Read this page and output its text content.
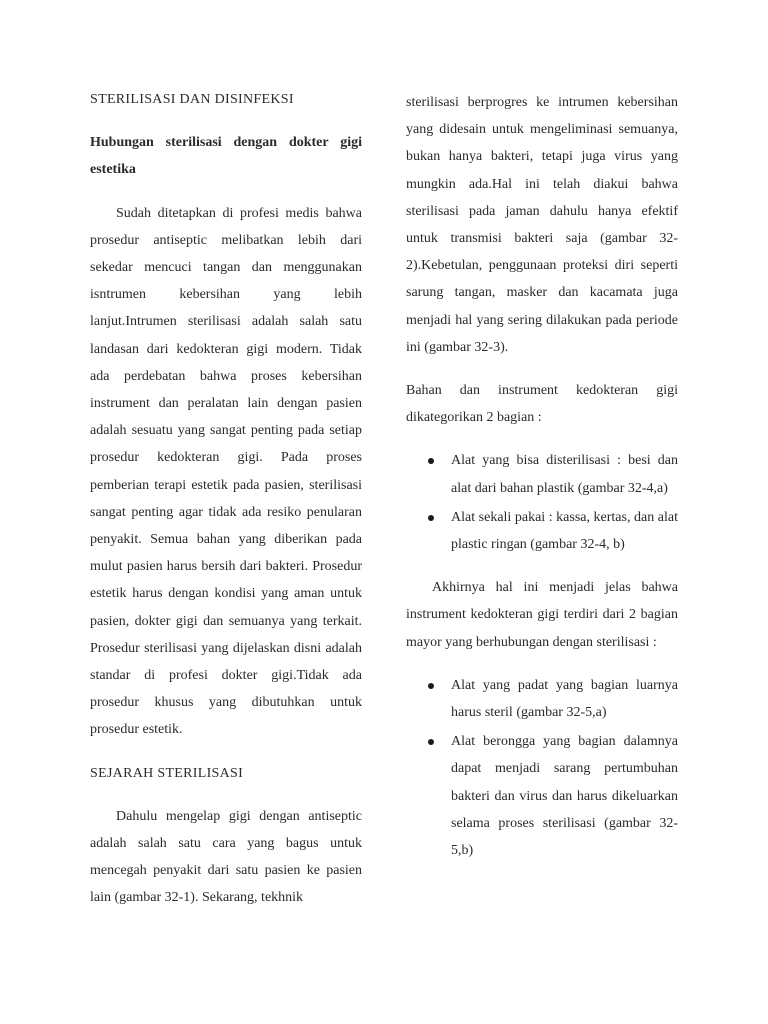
STERILISASI DAN DISINFEKSI

Hubungan sterilisasi dengan dokter gigi estetika

Sudah ditetapkan di profesi medis bahwa prosedur antiseptic melibatkan lebih dari sekedar mencuci tangan dan menggunakan isntrumen kebersihan yang lebih lanjut.Intrumen sterilisasi adalah salah satu landasan dari kedokteran gigi modern. Tidak ada perdebatan bahwa proses kebersihan instrument dan peralatan lain dengan pasien adalah sesuatu yang sangat penting pada setiap prosedur kedokteran gigi. Pada proses pemberian terapi estetik pada pasien, sterilisasi sangat penting agar tidak ada resiko penularan penyakit. Semua bahan yang diberikan pada mulut pasien harus bersih dari bakteri. Prosedur estetik harus dengan kondisi yang aman untuk pasien, dokter gigi dan semuanya yang terkait. Prosedur sterilisasi yang dijelaskan disni adalah standar di profesi dokter gigi.Tidak ada prosedur khusus yang dibutuhkan untuk prosedur estetik.

SEJARAH STERILISASI

Dahulu mengelap gigi dengan antiseptic adalah salah satu cara yang bagus untuk mencegah penyakit dari satu pasien ke pasien lain (gambar 32-1). Sekarang, tekhnik

sterilisasi berprogres ke intrumen kebersihan yang didesain untuk mengeliminasi semuanya, bukan hanya bakteri, tetapi juga virus yang mungkin ada.Hal ini telah diakui bahwa sterilisasi pada jaman dahulu hanya efektif untuk transmisi bakteri saja (gambar 32-2).Kebetulan, penggunaan proteksi diri seperti sarung tangan, masker dan kacamata juga menjadi hal yang sering dilakukan pada periode ini (gambar 32-3).

Bahan dan instrument kedokteran gigi dikategorikan 2 bagian :

Alat yang bisa disterilisasi : besi dan alat dari bahan plastik (gambar 32-4,a)
Alat sekali pakai : kassa, kertas, dan alat plastic ringan (gambar 32-4, b)

Akhirnya hal ini menjadi jelas bahwa instrument kedokteran gigi terdiri dari 2 bagian mayor yang berhubungan dengan sterilisasi :

Alat yang padat yang bagian luarnya harus steril (gambar 32-5,a)
Alat berongga yang bagian dalamnya dapat menjadi sarang pertumbuhan bakteri dan virus dan harus dikeluarkan selama proses sterilisasi (gambar 32-5,b)
